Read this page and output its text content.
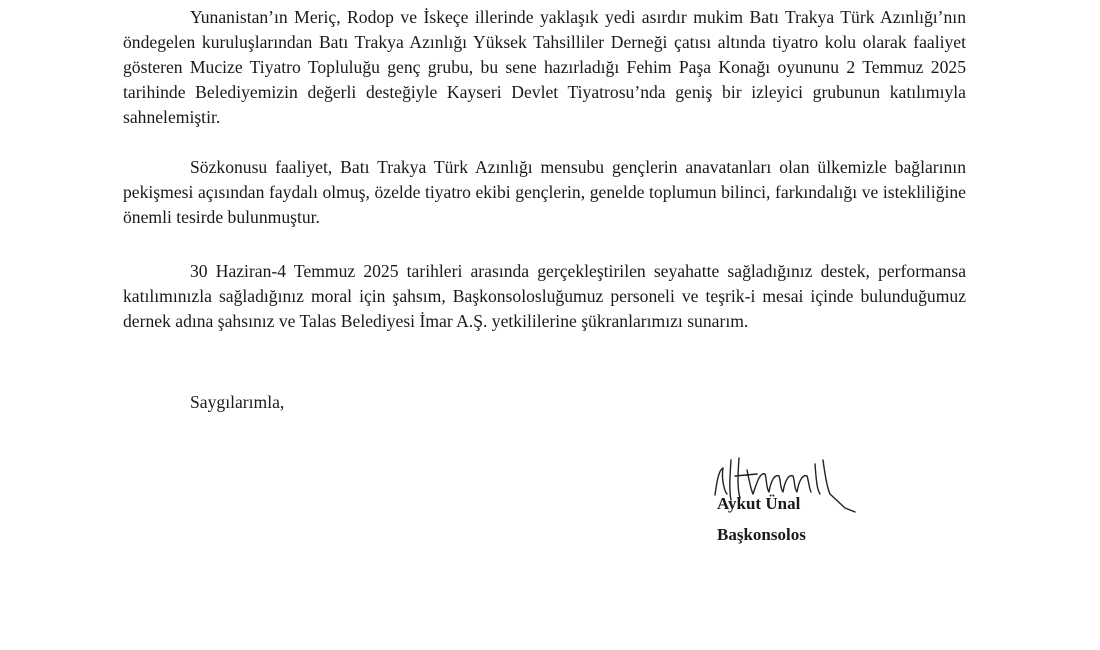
Yunanistan’ın Meriç, Rodop ve İskeçe illerinde yaklaşık yedi asırdır mukim Batı Trakya Türk Azınlığı’nın öndegelen kuruluşlarından Batı Trakya Azınlığı Yüksek Tahsilliler Derneği çatısı altında tiyatro kolu olarak faaliyet gösteren Mucize Tiyatro Topluluğu genç grubu, bu sene hazırladığı Fehim Paşa Konağı oyununu 2 Temmuz 2025 tarihinde Belediyemizin değerli desteğiyle Kayseri Devlet Tiyatrosu’nda geniş bir izleyici grubunun katılımıyla sahnelemiştir.

Sözkonusu faaliyet, Batı Trakya Türk Azınlığı mensubu gençlerin anavatanları olan ülkemizle bağlarının pekişmesi açısından faydalı olmuş, özelde tiyatro ekibi gençlerin, genelde toplumun bilinci, farkındalığı ve istekliliğine önemli tesirde bulunmuştur.

30 Haziran-4 Temmuz 2025 tarihleri arasında gerçekleştirilen seyahatte sağladığınız destek, performansa katılımınızla sağladığınız moral için şahsım, Başkonsolosluğumuz personeli ve teşrik-i mesai içinde bulunduğumuz dernek adına şahsınız ve Talas Belediyesi İmar A.Ş. yetkililerine şükranlarımızı sunarım.

Saygılarımla,

Aykut Ünal
Başkonsolos
